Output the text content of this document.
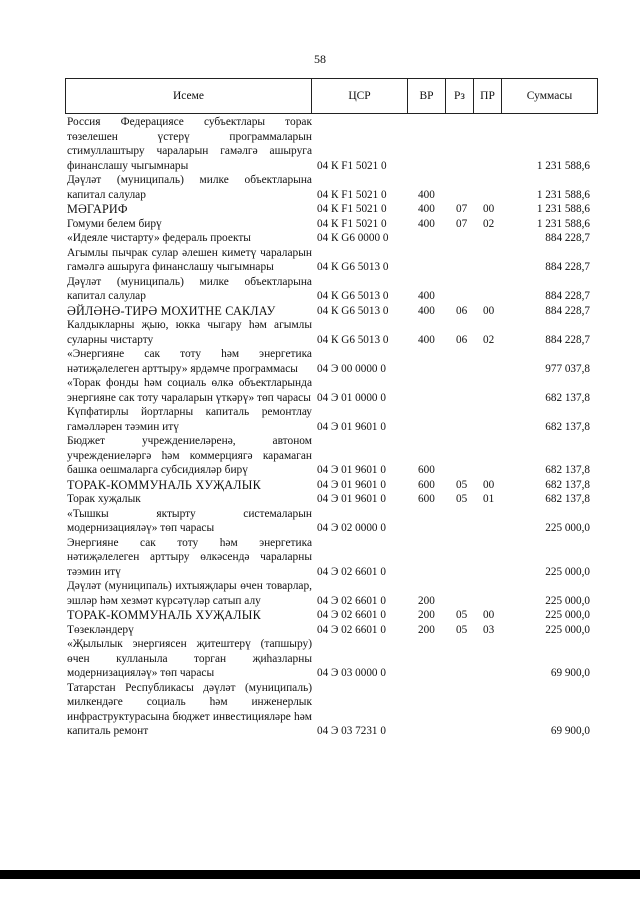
58
Исеме	ЦСР	ВР	Рз	ПР	Суммасы
Россия Федерациясе субъектлары торак төзелешен үстерү программаларын стимуллаштыру чараларын гамәлгә ашыруга финанслашу чыгымнары	04 К F1 5021 0	1 231 588,6
Дәүләт (муниципаль) милке объектларына капитал салулар	04 К F1 5021 0	400	1 231 588,6
МӘГАРИФ	04 К F1 5021 0	400 07 00	1 231 588,6
Гомуми белем бирү	04 К F1 5021 0	400 07 02	1 231 588,6
«Идеяле чистарту» федераль проекты	04 К G6 0000 0	884 228,7
Агымлы пычрак сулар әлешен киметү чараларын гамәлгә ашыруга финанслашу чыгымнары	04 К G6 5013 0	884 228,7
Дәүләт (муниципаль) милке объектларына капитал салулар	04 К G6 5013 0	400	884 228,7
ӘЙЛӘНӘ-ТИРӘ МОХИТНЕ САКЛАУ	04 К G6 5013 0	400 06 00	884 228,7
Калдыкларны җыю, юкка чыгару һәм агымлы суларны чистарту	04 К G6 5013 0	400 06 02	884 228,7
«Энергияне сак тоту һәм энергетика нәтиҗәлелеген арттыру» ярдәмче программасы	04 Э 00 0000 0	977 037,8
«Торак фонды һәм социаль өлкә объектларында энергияне сак тоту чараларын үткәрү» төп чарасы 04 Э 01 0000 0	682 137,8
Күпфатирлы йортларны капиталь ремонтлау гамәлләрен тәэмин итү	04 Э 01 9601 0	682 137,8
Бюджет учреждениеләренә, автоном учреждениеләргә һәм коммерциягә карамаган башка оешмаларга субсидияләр бирү	04 Э 01 9601 0	600	682 137,8
ТОРАК-КОММУНАЛЬ ХУҖАЛЫК	04 Э 01 9601 0	600 05 00	682 137,8
Торак хуҗалык	04 Э 01 9601 0	600 05 01	682 137,8
«Тышкы яктырту системаларын модернизацияләү» төп чарасы	04 Э 02 0000 0	225 000,0
Энергияне сак тоту һәм энергетика нәтиҗәлелеген арттыру өлкәсендә чараларны тәэмин итү	04 Э 02 6601 0	225 000,0
Дәүләт (муниципаль) ихтыяҗлары өчен товарлар, эшләр һәм хезмәт күрсәтүләр сатып алу	04 Э 02 6601 0	200	225 000,0
ТОРАК-КОММУНАЛЬ ХУҖАЛЫК	04 Э 02 6601 0	200 05 00	225 000,0
Төзекләндерү	04 Э 02 6601 0	200 05 03	225 000,0
«Җылылык энергиясен җитештерү (тапшыру) өчен кулланыла торган җиһазларны модернизацияләү» төп чарасы	04 Э 03 0000 0	69 900,0
Татарстан Республикасы дәүләт (муниципаль) милкендәге социаль һәм инженерлык инфраструктурасына бюджет инвестицияләре һәм капиталь ремонт	04 Э 03 7231 0	69 900,0
